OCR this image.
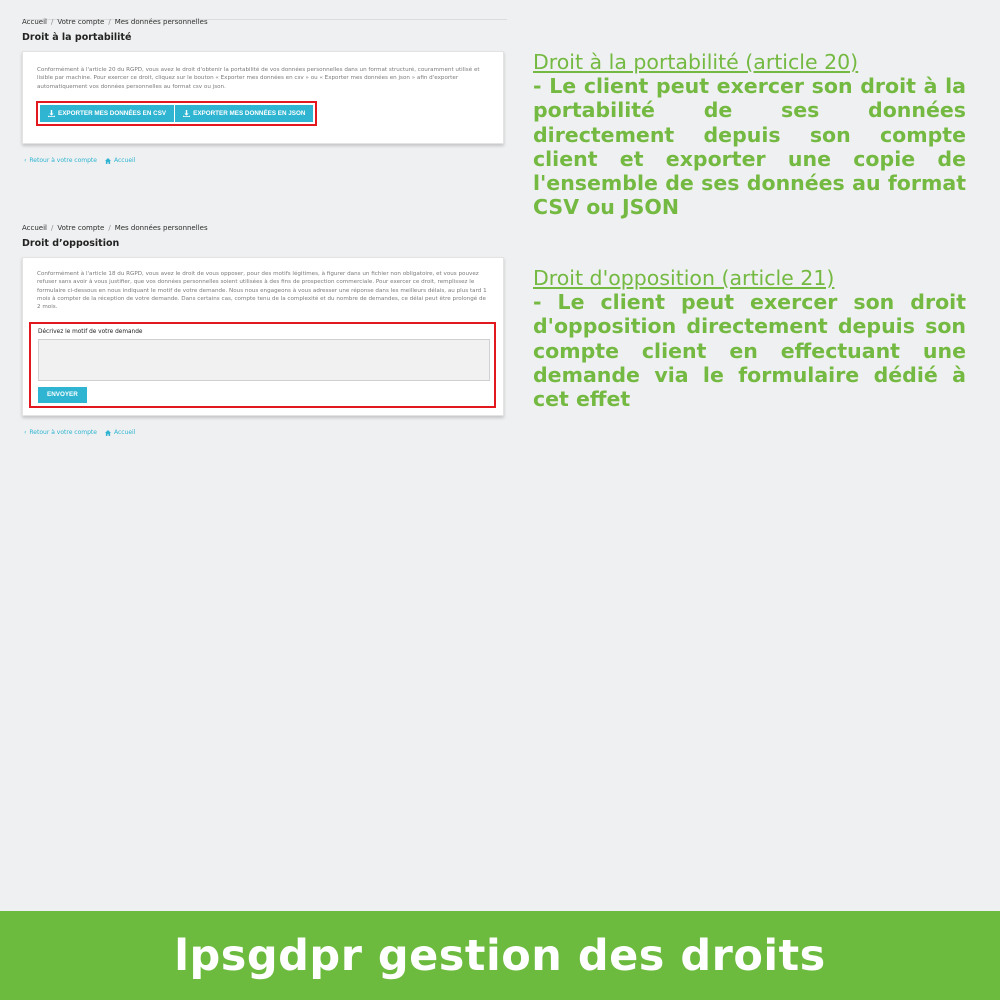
Accueil / Votre compte / Mes données personnelles
Droit à la portabilité

Conformément à l'article 20 du RGPD, vous avez le droit d'obtenir la portabilité de vos données personnelles dans un format structuré, couramment utilisé et lisible par machine. Pour exercer ce droit, cliquez sur le bouton « Exporter mes données en csv » ou « Exporter mes données en json » afin d'exporter automatiquement vos données personnelles au format csv ou json.

EXPORTER MES DONNÉES EN CSV	EXPORTER MES DONNÉES EN JSON
‹ Retour à votre compte	Accueil
Accueil / Votre compte / Mes données personnelles
Droit d’opposition

Conformément à l'article 18 du RGPD, vous avez le droit de vous opposer, pour des motifs légitimes, à figurer dans un fichier non obligatoire, et vous pouvez refuser sans avoir à vous justifier, que vos données personnelles soient utilisées à des fins de prospection commerciale. Pour exercer ce droit, remplissez le formulaire ci-dessous en nous indiquant le motif de votre demande. Nous nous engageons à vous adresser une réponse dans les meilleurs délais, au plus tard 1 mois à compter de la réception de votre demande. Dans certains cas, compte tenu de la complexité et du nombre de demandes, ce délai peut être prolongé de 2 mois.

Décrivez le motif de votre demande
ENVOYER
‹ Retour à votre compte	Accueil
Droit à la portabilité (article 20)
- Le client peut exercer son droit à la portabilité de ses données directement depuis son compte client et exporter une copie de l'ensemble de ses données au format CSV ou JSON
Droit d'opposition (article 21)
- Le client peut exercer son droit d'opposition directement depuis son compte client en effectuant une demande via le formulaire dédié à cet effet
lpsgdpr gestion des droits
